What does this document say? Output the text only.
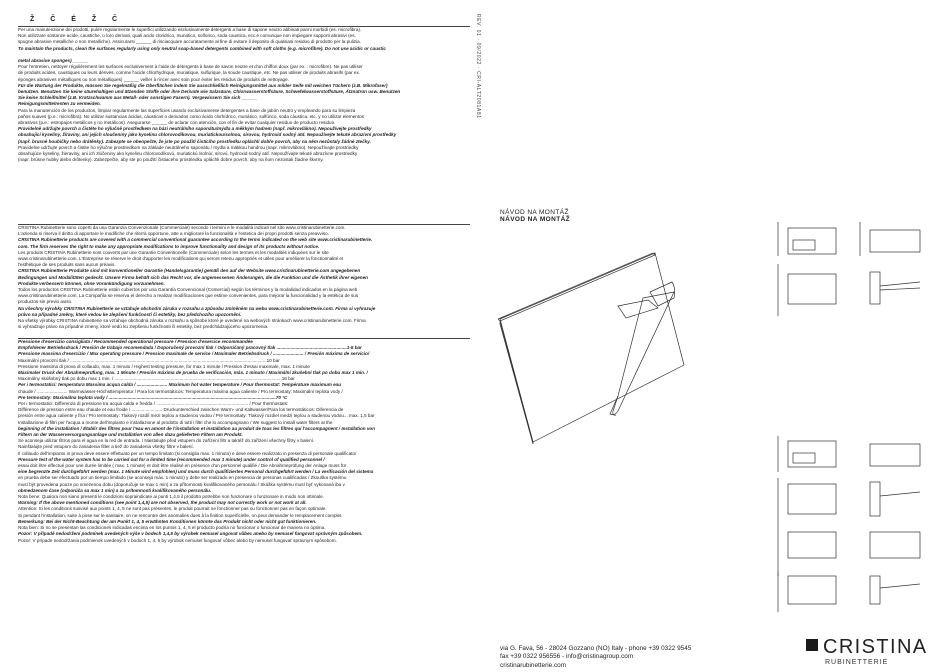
Ž Č É Ž Č

Per una manutenzione dei prodotti, pulire regolarmente le superfici utilizzando esclusivamente detergenti a base di sapone neutro abbinati panni morbidi (es. microfibra).

Non utilizzare sostanze acide, caustiche, o loro derivati, quali acido cloridrico, muriatico, solforico, soda caustica, ecc.e comunque non impiegare supporti abrasivi (es.

spugne abrasive metalliche o non metalliche). Assicurarsi ______ di risciacquare accuratamente al fine di evitare il deposito di qualsiasi residuo di prodotto per la pulizia.

To maintain the products, clean the surfaces regularly using only neutral soap-based detergents combined with soft cloths (e.g. microfibre). Do not use acidic or caustic

metal abrasive sponges) ______

Pour l'entretien, nettoyer régulièrement les surfaces exclusivement à l'aide de détergents à base de savon neutre et d'un chiffon doux (par ex. : microfibre). Ne pas utiliser

de produits acides, caustiques ou leurs dérivés, comme l'acide chlorhydrique, muriatique, sulfurique, la soude caustique, etc. Ne pas utiliser de produits abrasifs (par ex.

éponges abrasives métalliques ou non métalliques) ______ veiller à rincer avec soin pour éviter les résidus de produits de nettoyage.

Für die Wartung der Produkte, müssen Sie regelmäßig die Oberflächen indem Sie ausschließlich Reinigungsmittel aus milder Seife mit weichen Tüchern (z.B. Mikrofaser)

benutzen. Benutzen Sie keine säurehaltigen und ätzenden Stoffe oder ihre Derivate wie Salzsäure, Chlorwasserstoffsäure, Schwefelwasserstoffsäure, Ätznatron usw. Benutzen

Sie keine Schleifmittel (z.B. Kratzschwamm aus Metall- oder sonstigen Fasern). Vergewissern Sie sich ______

Reinigungsmittelresten zu vermeiden.

Para la manutención de los productos, limpiar regularmente las superficies usando exclusivamente detergentes a base de jabón neutro y empleando para su limpieza

paños suaves (p.e.: microfibra). No utilizar sustancias ácidas, cáusticas o derivados como ácido clorhídrico, muriático, sulfúrico, soda cáustica, etc. y no utilizar elementos

abrasivos (p.e.: estropajos metálicos y no metálicos). Asegurarse ______ de aclarar con atención, con el fin de evitar cualquier residuo de producto residuo.

Pravidelně udržujte povrch a čistěte ho výlučně prostředkem na bázi neutrálního saponátu/mýdla a měkkým hadrem (např. mikrovlákno). Nepoužívejte prostředky

obsahující kyseliny, žíraviny, ani jejich sloučeniny jako kyselinu chlorovodíkovou, muriatickou/solnou, sírovou, hydroxid sodný atd. Nepoužívejte tekuté abrazivní prostředky

(např. brusné houbičky nebo drátěnky). Zabezpte se obeopečte, že jste po použití čistícího prostředku opláchli dobře povrch, aby na něm nezůstaly žádné ztečky.

Pravidelne udržujte povrch a čistite ho výlučne prostriedkom na základe neutrálneho saponátu / mydla a mäkkou handrou (napr. mikrovlákno). Nepoužívajte prostriedky

obsahujúce kyseliny, žieraviny, ani ich zlúčeniny ako kyselinu chlorovodíkovú, muriatickú /solnú/, sírovú, hydroxid sodný atď. Nepoužívajte tekuté abrazívne prostriedky

(napr. brúsne hubky alebo drôtenky). Zabezpečte, aby ste po použití čistiaceho prostriedku opláchli dobre povrch, aby na ňom nezostali žiadne škvrny.

CRISTINA Rubinetterie sono coperti da una Garanzia Convenzionale (Commerciale) secondo i termini e le modalità indicati nel sito www.cristinarubinetterie.com.

L'azienda si riserva il diritto di apportare le modifiche che riterrà opportune, atte a migliorare la funzionalità e l'estetica dei propri prodotti senza preavviso.

CRISTINA Rubinetterie products are covered with a commercial conventional guarantee according to the terms indicated on the web site www.cristinarubinetterie.

com. The firm reserves the right to make any appropriate modifications to improve functionality and design of its products without notice.

Les produits CRISTINA Rubinetterie sont couverts par une Garantie Conventionelle (Commerciale) selon les termes et les modalités indiquées sur le site

www.cristinarubinetterie.com. L'Entreprise se réserve le droit d'apporter les modifications qui seront retenu appropriés et utiles pour améliorer la fonctionnalité et

l'esthétique de ses produits sans aucun préavis.

CRISTINA Rubinetterie Produkte sind mit konventioneller Garantie (Handelsgarantie) gemäß den auf der Website www.cristinarubinetterie.com angegebenen

Bedingungen und Modalitäten gedeckt. Unsere Firma behält sich das Recht vor, die angemessenen Änderungen, die die Funktion und die Ästhetik ihrer eigenen

Produkte verbessern können, ohne Vorankündigung vorzunehmen.

Todos los productos CRISTINA Rubinetterie están cubiertos por una Garantía Convencional (Comercial) según los términos y la modalidad indicados en la página web

www.cristinarubinetterie.com. La Compañía se reserva el derecho a realizar modificaciones que estime convenientes, para mejorar la funcionalidad y la estética de sus

productos sin previo aviso.

Na všechny výrobky CRISTINA Rubinetterie se vztahuje obchodní záruka v rozsahu a způsobu zmíněném na webu www.cristinarubinetterie.com. Firma si vyhrazuje

právo na případné změny, které vedou ke zlepšení funkčnosti či estetiky, bez předchozího upozornění.

Na všetky výrobky CRISTINA rubinetterie sa vzťahuje obchodná záruka v rozsahu a spôsobe ktoré je uvedené na webových stránkach www.cristinarubinetterie.com. Firma

si vyhradzuje právo na prípadné zmeny, ktoré vedú ku zlepšeniu funkčnosti či estetiky, bez predchádzajúceho upozornenia.

Pressione d'esercizio consigliata / Recommended operational pressure / Pression d'exercice recommandée

Empfohlener Betriebsdruck / Presión de trabajo recomendada / Doporučený provozní tlak / Odporúčaný pracovný tlak .......................................................1-5 bar

Pressione massima d'esercizio / Max operating pressure / Pression maximale de service / Maximaler Betriebsdruck / ........................ / Presión máxima de servicio/

Maximální provozní tlak / ..........................................................................................................................................................10 bar

Pressione massima di prova di collaudo, max. 1 minuto / Highest testing pressure, for max 1 minute / Pression d'essai maximale, max. 1 minute

Maximaler Druck der Abnahmeprüfung, max. 1 Minute / Presión máxima de prueba de verificación, máx. 1 minuto / Maximální zkušební tlak po dobu max 1 min. /

Maximálny skúšobný tlak po dobu max 1 min. / ...................................................................................................................................16 bar

Per i termostatici: temperatura Massima acqua calda / ........................ Maximum hot water temperature / Pour thermostat: Température maximum eau

chaude / ........................ Warmwasser-Höchsttemperatur / Para los termostáticos: Temperatura máxima agua caliente / Pro termostaty: Maximální teplota vody /

Pre termostaty: Maximálna teplota vody / ...................................................................................................................................70 °C

Per i termostatici: Differenza di pressione tra acqua calda e fredda / ........................................................................ / Pour thermostats:

Différence de pression entre eau chaude et eau froide / ........................ Druckunterschied zwischen Warm- und Kaltwasser/Para los termostáticos: Diferencia de

presión entre agua caliente y fría / Pro termostaty: Tlakový rozdíl mezi teplou a studenou vodou / Pre termostaty: Tlakový rozdiel medzi teplou a studenou vodou... max. 1,5 bar

Installazione di filtri per l'acqua a monte dell'impianto e installazione al prodotto di tutti i filtri che lo accompagnano / We suggest to install water filters at the

beginning of the installation / Établir des filtres pour l'eau en amont de l'installation et installation au produit de tous les filtres qui l'accompagnent / Installation von

Filtern an der Wasserversorgungsanlage und Installation von allen dazu gelieferten Filtern am Produkt.

Se aconseja utilizar filtros para el agua en la red de entrada. / Naistalujte před vstupem do zařízení filtr a taktéž do zařízení všechny filtry v balení.

Nainštalujte pred vstupom do zariadenia filter a tiež do zariadenia všetky filtre v balení.

Il collaudo dell'impianto in prova deve essere effettuato per un tempo limitato (si consiglia max. 1 minuto) e deve essere realizzato in presenza di personale qualificato/

Pressure test of the water system has to be carried out for a limited time (recommended max 1 minute) under control of qualified personnel /

essai doit être effectué pour une durée limitée ( max. 1 minute) et doit être réalisé en présence d'un personnel qualifié / Die Abnahmeprüfung der Anlage muss für

eine begrenzte Zeit durchgeführt werden (max. 1 Minute wird empfohlen) und muss durch qualifiziertes Personal durchgeführt werden / La verificación del sistema

en prueba debe ser efectuado por un tiempo limitado (se aconseja máx. 1 minuto) y debe ser realizado en presencia de personas cualificadas / Zkouška systému

musí být provedena pouze po omezenou dobu (doporučuje se max 1 min) a za přítomnosti kvalifikovaného personálu / Skúška systému musí byť vykonaná iba v

obmedzenom čase (odporúča sa max 1 min) a za prítomnosti kvalifikovaného personálu.

Nota bene: Qualora non siano presenti le condizioni sopraindicate ai punti 1,4,5 il prodotto potrebbe non funzionare o funzionare in modo non ottimale.

Warning: If the above mentioned conditions (see point 1,4,5) are not observed, the product may not correctly work or not work at all.

Attention: Si les conditions susvisé aux points 1, 4, 5 ne sont pas présentes, le produit pourrait ne fonctionner pas ou fonctionner pas en façon optimale.

Si pendant l'installation, suite à pose sur le sanitaire, on ne rencontre des anomalies dues à la finition superficielle, on peut demander le remplacement complet.

Bemerkung: Bei der Nicht-Beachtung der am Punkt 1, 4, 5 erwähnten Konditionen könnte das Produkt nicht oder nicht gut funktionieren.

Nota bien: Si no se presentan las condiciones indicadas encima en los puntos 1, 4, 5 el producto podría no funcionar o funcionar de manera no óptima.

Pozor: V případě nedodržení podmínek uvedených výše v bodech 1,4,5 by výrobek nemusel ungovat vůbec anebo by nemusel fungovat správným způsobem.

Pozor: V prípade nedodržania podmienok uvedených v bodoch 1, 4, 5 by výrobok nemusel fungovať vôbec alebo by nemusel fungovať správnym spôsobom.

REV. 01 · 09/2022 · CRI-ALT2081A81
NÁVOD NA MONTÁŽ
NÁVOD NA MONTÁŽ
via G. Fava, 56 - 28024 Gozzano (NO) Italy - phone +39 0322 9545
fax +39 0322 956556 - info@cristinagroup.com
cristinarubinetterie.com
CRISTINA
RUBINETTERIE
